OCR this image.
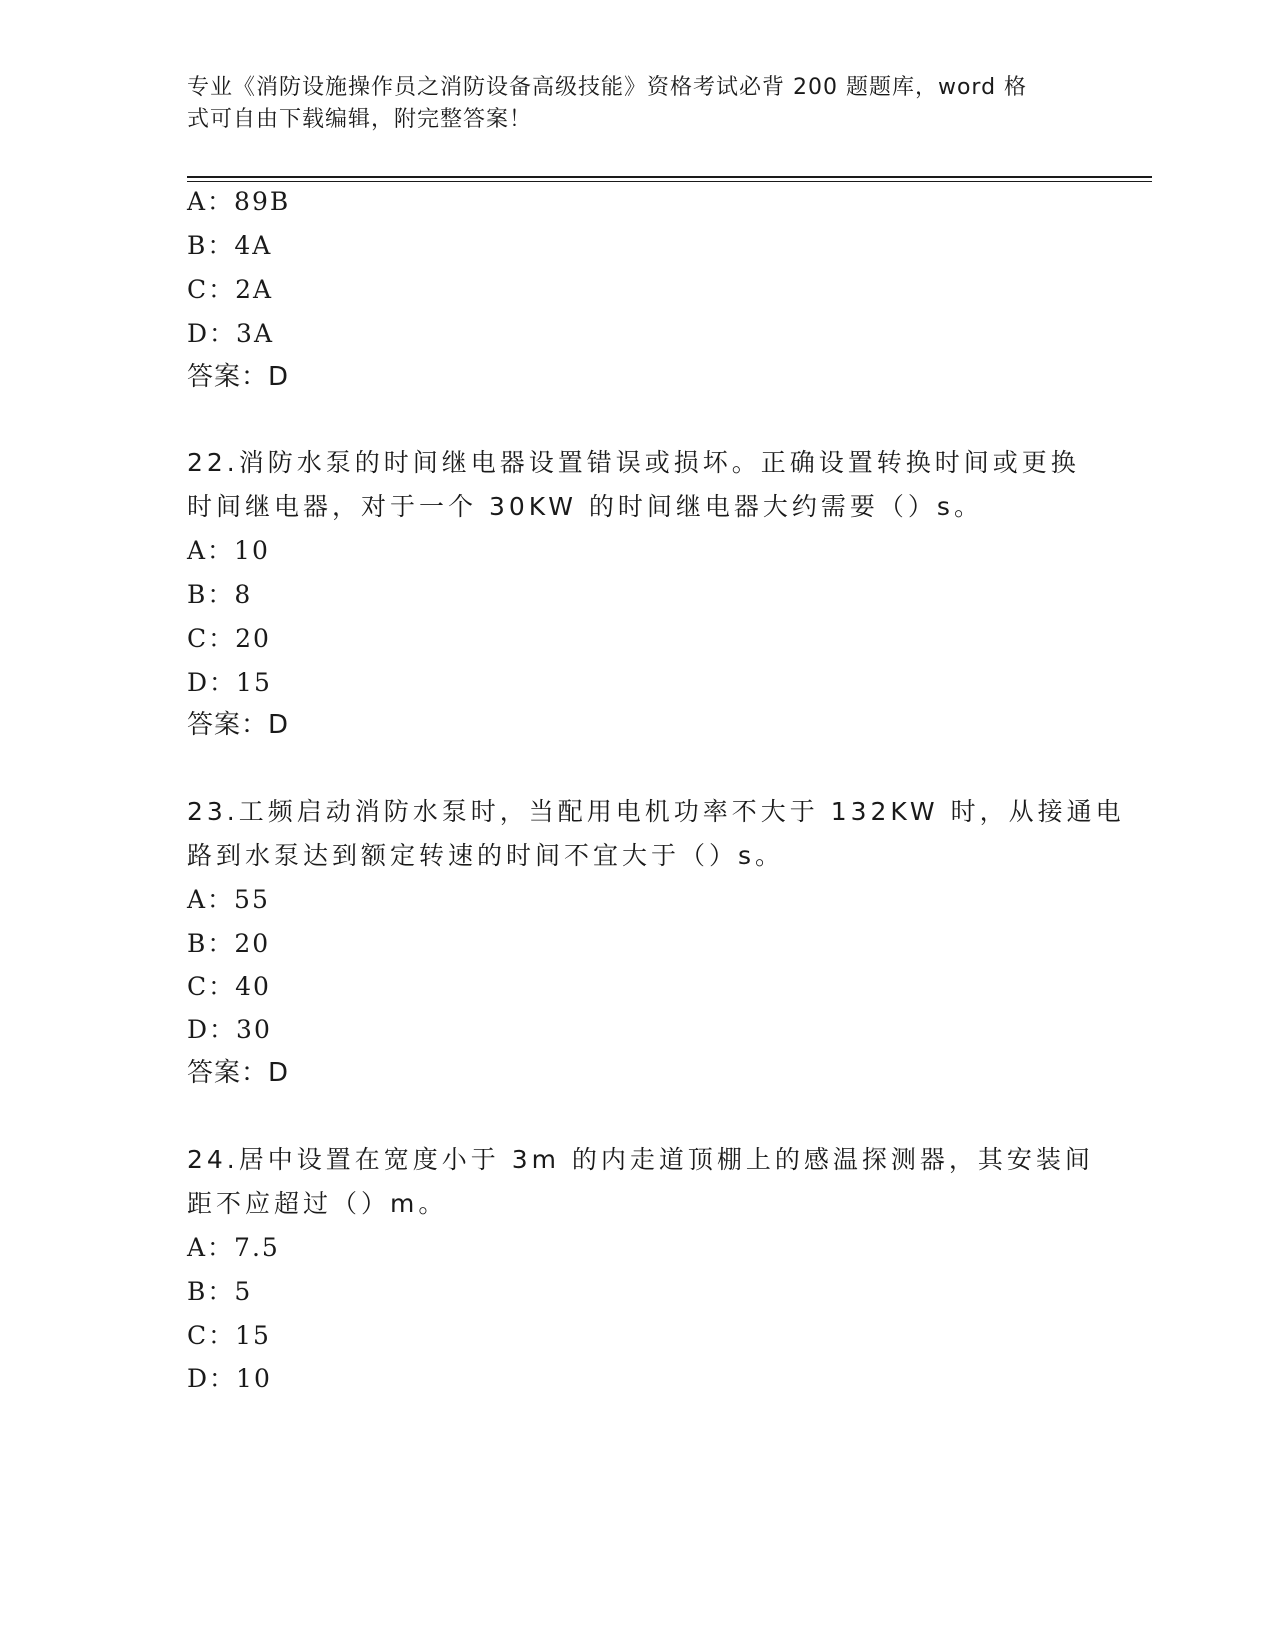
专业《消防设施操作员之消防设备高级技能》资格考试必背 200 题题库，word 格
式可自由下载编辑，附完整答案！
A：89B
B：4A
C：2A
D：3A
答案：D
22.消防水泵的时间继电器设置错误或损坏。正确设置转换时间或更换
时间继电器，对于一个 30KW 的时间继电器大约需要（）s。
A：10
B：8
C：20
D：15
答案：D
23.工频启动消防水泵时，当配用电机功率不大于 132KW 时，从接通电
路到水泵达到额定转速的时间不宜大于（）s。
A：55
B：20
C：40
D：30
答案：D
24.居中设置在宽度小于 3m 的内走道顶棚上的感温探测器，其安装间
距不应超过（）m。
A：7.5
B：5
C：15
D：10
